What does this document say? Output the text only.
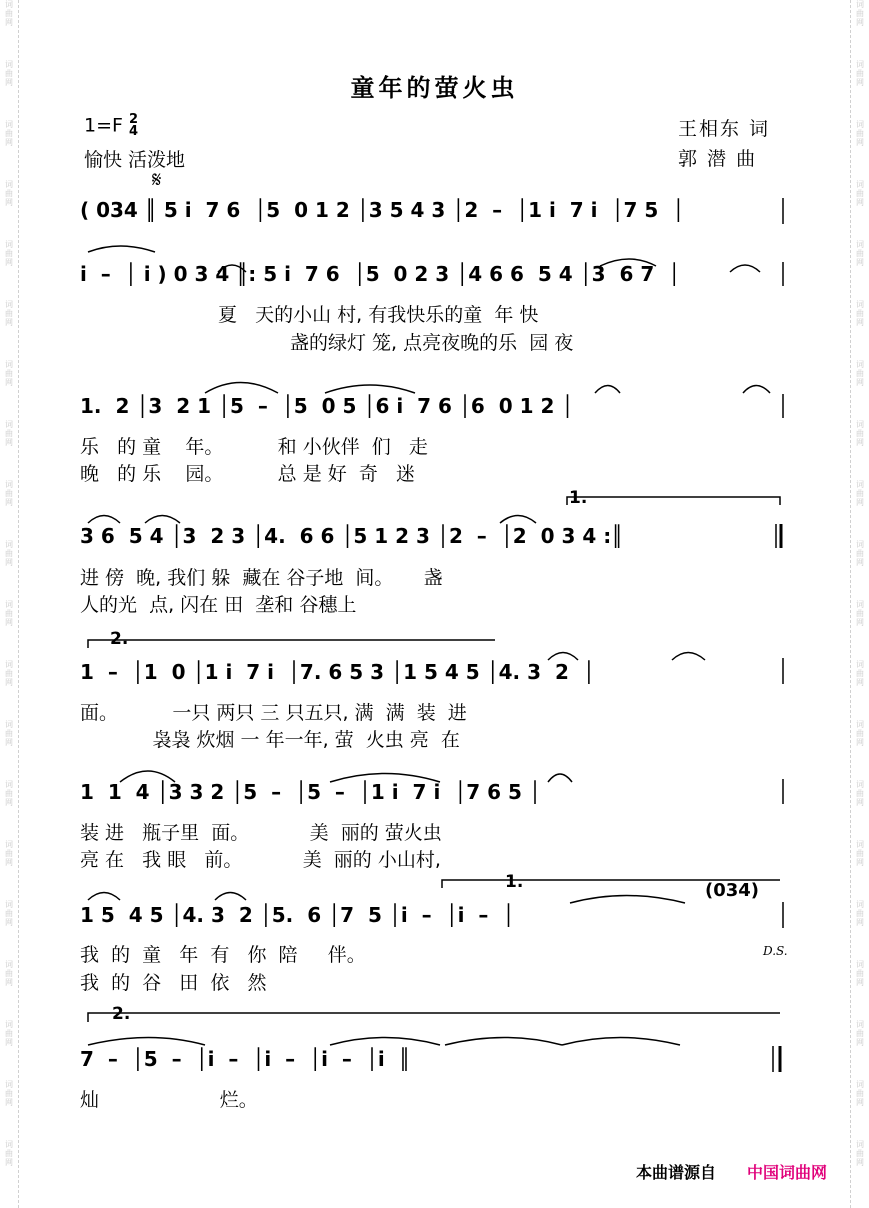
童年的萤火虫
1=F 2
4
愉快 活泼地
王相东 词
郭 潜 曲
𝄋
( 034 ║ 5 i  7 6  │5  0 1 2 │3 5 4 3 │2  –  │1 i  7 i  │7 5  │
i  –  │ i ) 0 3 4 ║: 5 i  7 6  │5  0 2 3 │4 6 6  5 4 │3  6 7  │
夏   天的小山 村, 有我快乐的童  年 快
盏的绿灯 笼, 点亮夜晚的乐  园 夜
1.  2 │3  2 1 │5  –  │5  0 5 │6 i  7 6 │6  0 1 2 │
乐   的 童    年。         和 小伙伴  们   走
晚   的 乐    园。         总 是 好  奇   迷
1.
3 6  5 4 │3  2 3 │4.  6 6 │5 1 2 3 │2  –  │2  0 3 4 :║
进 傍  晚, 我们 躲  藏在 谷子地  间。     盏
人的光  点, 闪在 田  垄和 谷穗上
2.
1  –  │1  0 │1 i  7 i  │7. 6 5 3 │1 5 4 5 │4. 3  2  │
面。         一只 两只 三 只五只, 满  满  装  进
袅袅 炊烟 一 年一年, 萤  火虫 亮  在
1  1  4 │3 3 2 │5  –  │5  –  │1 i  7 i  │7 6 5 │
装 进   瓶子里  面。          美  丽的 萤火虫
亮 在   我 眼   前。          美  丽的 小山村,
1.
1 5  4 5 │4. 3  2 │5.  6 │7  5 │i  –  │i  –  │
我  的  童   年  有   你  陪     伴。
我  的  谷   田  依   然
(034)
D.S.
2.
7  –  │5  –  │i  –  │i  –  │i  –  │i  ║
灿                    烂。
本曲谱源自 中国词曲网
词
曲
网
词
曲
网
词
曲
网
词
曲
网
词
曲
网
词
曲
网
词
曲
网
词
曲
网
词
曲
网
词
曲
网
词
曲
网
词
曲
网
词
曲
网
词
曲
网
词
曲
网
词
曲
网
词
曲
网
词
曲
网
词
曲
网
词
曲
网
词
曲
网
词
曲
网
词
曲
网
词
曲
网
词
曲
网
词
曲
网
词
曲
网
词
曲
网
词
曲
网
词
曲
网
词
曲
网
词
曲
网
词
曲
网
词
曲
网
词
曲
网
词
曲
网
词
曲
网
词
曲
网
词
曲
网
词
曲
网
